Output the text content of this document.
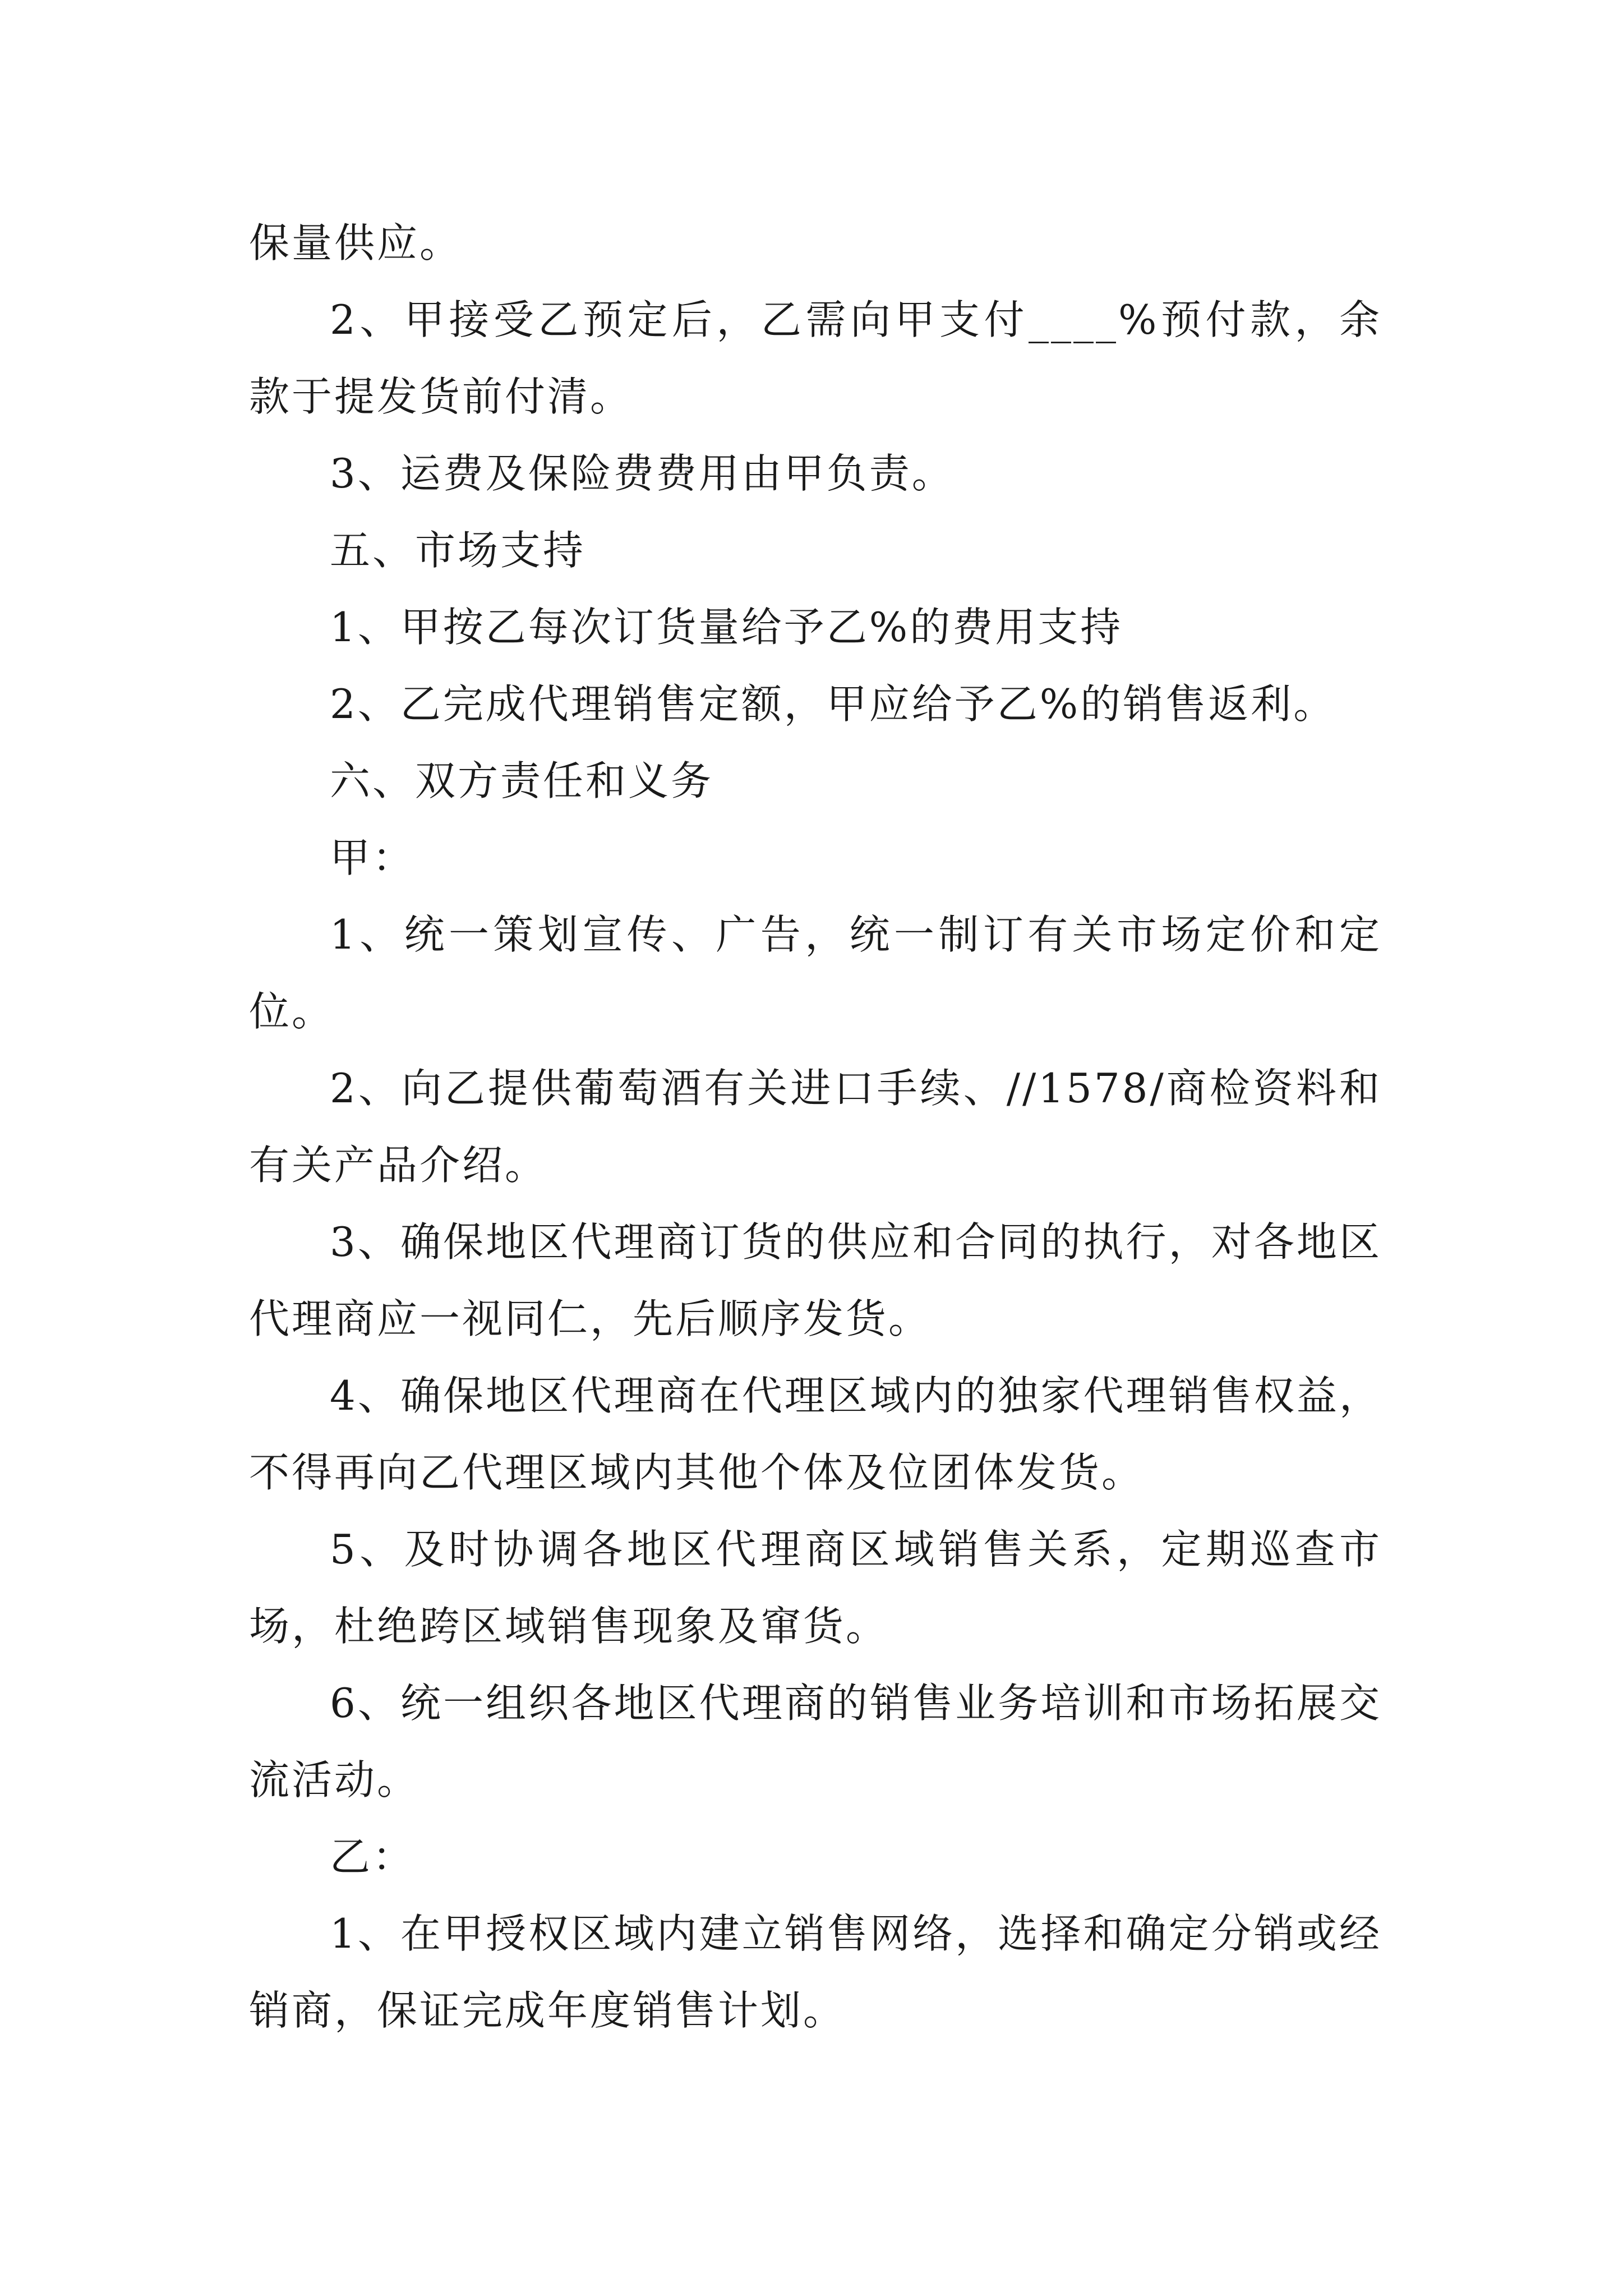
保量供应。

2、甲接受乙预定后，乙需向甲支付____%预付款，余款于提发货前付清。

3、运费及保险费费用由甲负责。

五、市场支持

1、甲按乙每次订货量给予乙%的费用支持

2、乙完成代理销售定额，甲应给予乙%的销售返利。

六、双方责任和义务

甲：

1、统一策划宣传、广告，统一制订有关市场定价和定位。

2、向乙提供葡萄酒有关进口手续、//1578/商检资料和有关产品介绍。

3、确保地区代理商订货的供应和合同的执行，对各地区代理商应一视同仁，先后顺序发货。

4、确保地区代理商在代理区域内的独家代理销售权益，不得再向乙代理区域内其他个体及位团体发货。

5、及时协调各地区代理商区域销售关系，定期巡查市场，杜绝跨区域销售现象及窜货。

6、统一组织各地区代理商的销售业务培训和市场拓展交流活动。

乙：

1、在甲授权区域内建立销售网络，选择和确定分销或经销商，保证完成年度销售计划。
